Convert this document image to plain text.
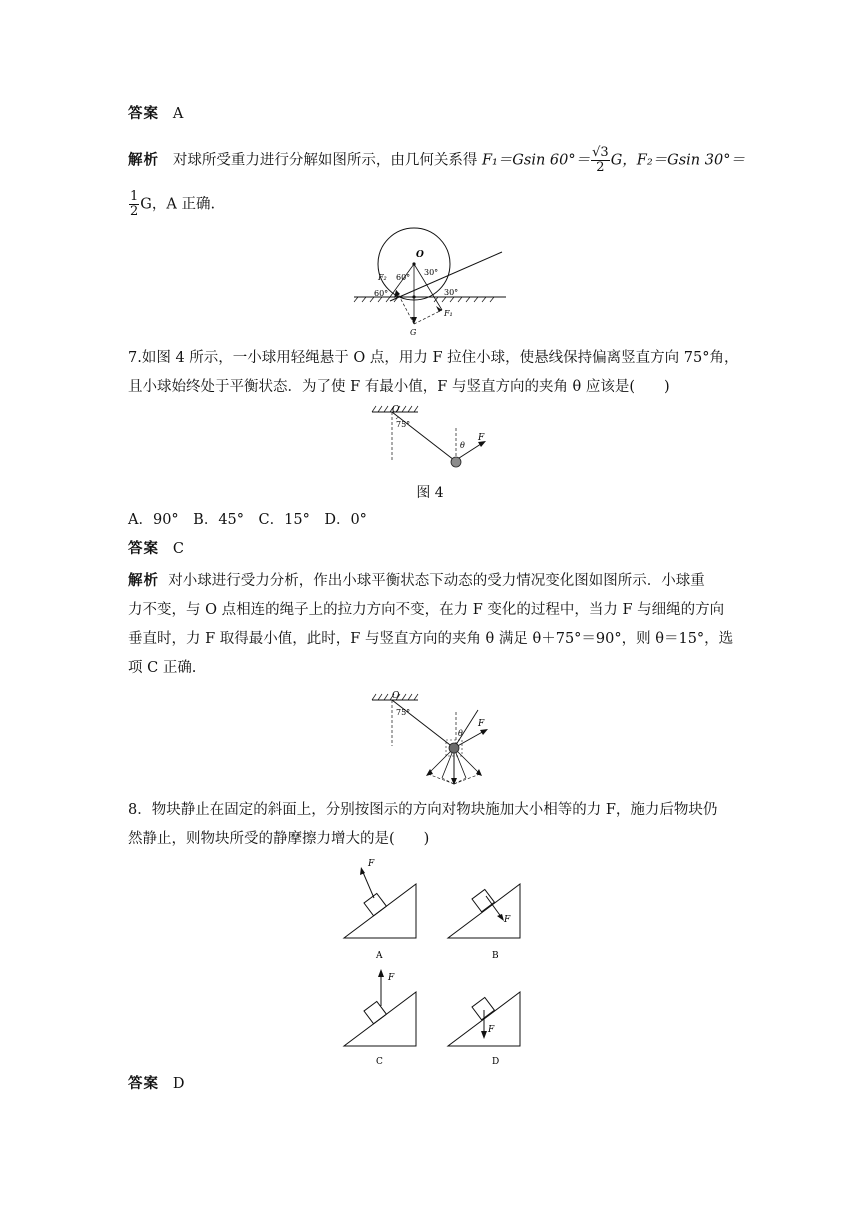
答案 A
解析 对球所受重力进行分解如图所示，由几何关系得 F₁＝Gsin $60^\circ= \frac{√3}{2}$ G，F₂＝Gsin 30°＝
$\frac{1}{2}$ G，A 正确.
O
F₂
F₁
G
60°
30°
60°	30°
7.如图 4 所示，一小球用轻绳悬于 O 点，用力 F 拉住小球，使悬线保持偏离竖直方向 75°角，
且小球始终处于平衡状态．为了使 F 有最小值，F 与竖直方向的夹角 θ 应该是(　　)
O
75°
θ
F
图 4
A．90°　B．45°　C．15°　D．0°
答案 C
解析 对小球进行受力分析，作出小球平衡状态下动态的受力情况变化图如图所示．小球重
力不变，与 O 点相连的绳子上的拉力方向不变，在力 F 变化的过程中，当力 F 与细绳的方向
垂直时，力 F 取得最小值，此时，F 与竖直方向的夹角 θ 满足 θ＋75°＝90°，则 θ＝15°，选
项 C 正确.
O
75°
θ
F
8．物块静止在固定的斜面上，分别按图示的方向对物块施加大小相等的力 F，施力后物块仍
然静止，则物块所受的静摩擦力增大的是(　　)
F
A
F
B
F
C
F
D
答案 D
